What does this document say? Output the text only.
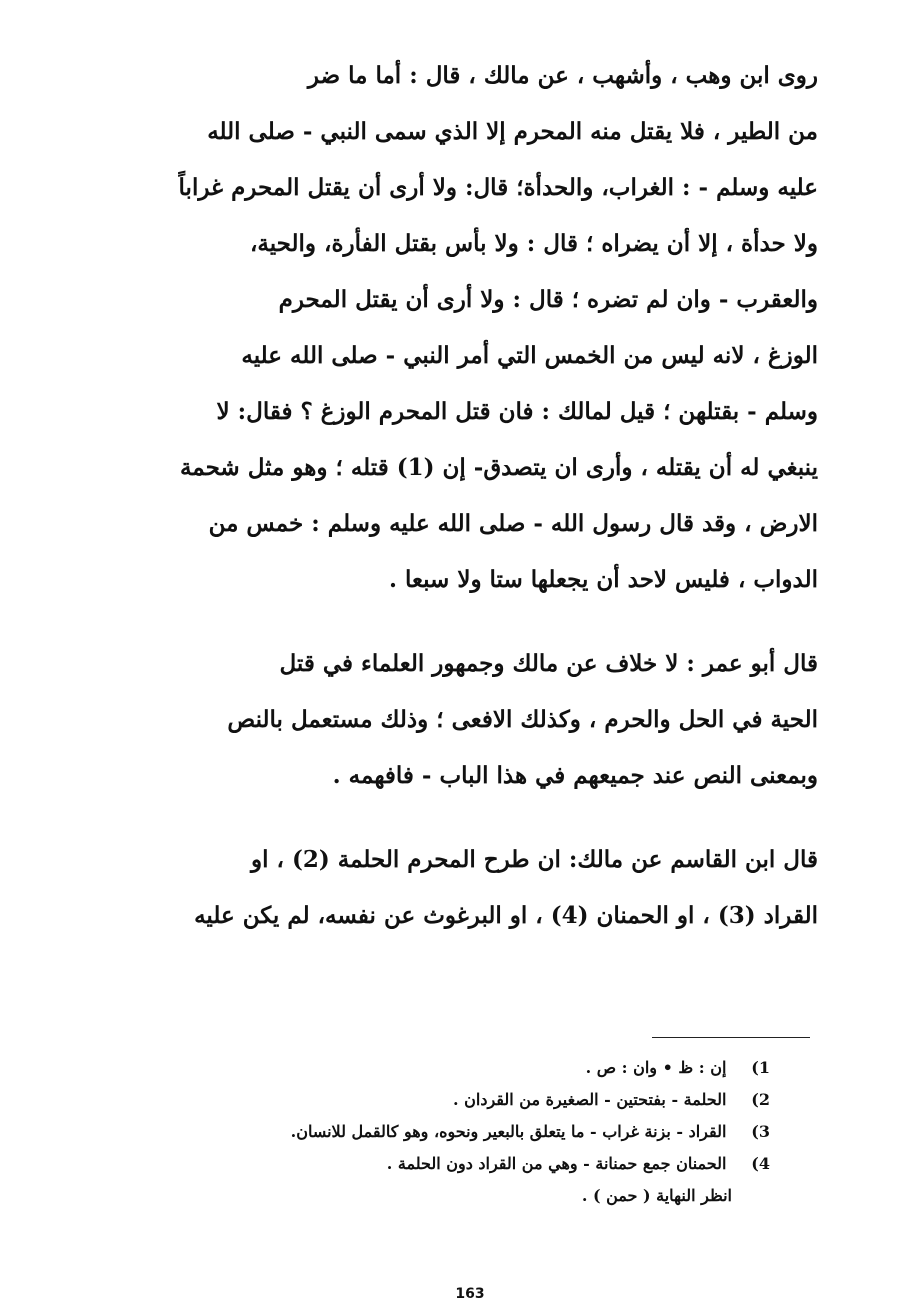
روى ابن وهب ، وأشهب ، عن مالك ، قال : أما ما ضر
من الطير ، فلا يقتل منه المحرم إلا الذي سمى النبي - صلى الله
عليه وسلم - : الغراب، والحدأة؛ قال: ولا أرى أن يقتل المحرم غراباً
ولا حدأة ، إلا أن يضراه ؛ قال : ولا بأس بقتل الفأرة، والحية،
والعقرب - وان لم تضره ؛ قال : ولا أرى أن يقتل المحرم
الوزغ ، لانه ليس من الخمس التي أمر النبي - صلى الله عليه
وسلم - بقتلهن ؛ قيل لمالك : فان قتل المحرم الوزغ ؟ فقال: لا
ينبغي له أن يقتله ، وأرى ان يتصدق- إن (1) قتله ؛ وهو مثل شحمة
الارض ، وقد قال رسول الله - صلى الله عليه وسلم : خمس من
الدواب ، فليس لاحد أن يجعلها ستا ولا سبعا .
قال أبو عمر : لا خلاف عن مالك وجمهور العلماء في قتل
الحية في الحل والحرم ، وكذلك الافعى ؛ وذلك مستعمل بالنص
وبمعنى النص عند جميعهم في هذا الباب - فافهمه .
قال ابن القاسم عن مالك: ان طرح المحرم الحلمة (2) ، او
القراد (3) ، او الحمنان (4) ، او البرغوث عن نفسه، لم يكن عليه
1) إن : ظ • وان : ص .
2) الحلمة - بفتحتين - الصغيرة من القردان .
3) القراد - بزنة غراب - ما يتعلق بالبعير ونحوه، وهو كالقمل للانسان.
4) الحمنان جمع حمنانة - وهي من القراد دون الحلمة .
انظر النهاية ( حمن ) .
163
